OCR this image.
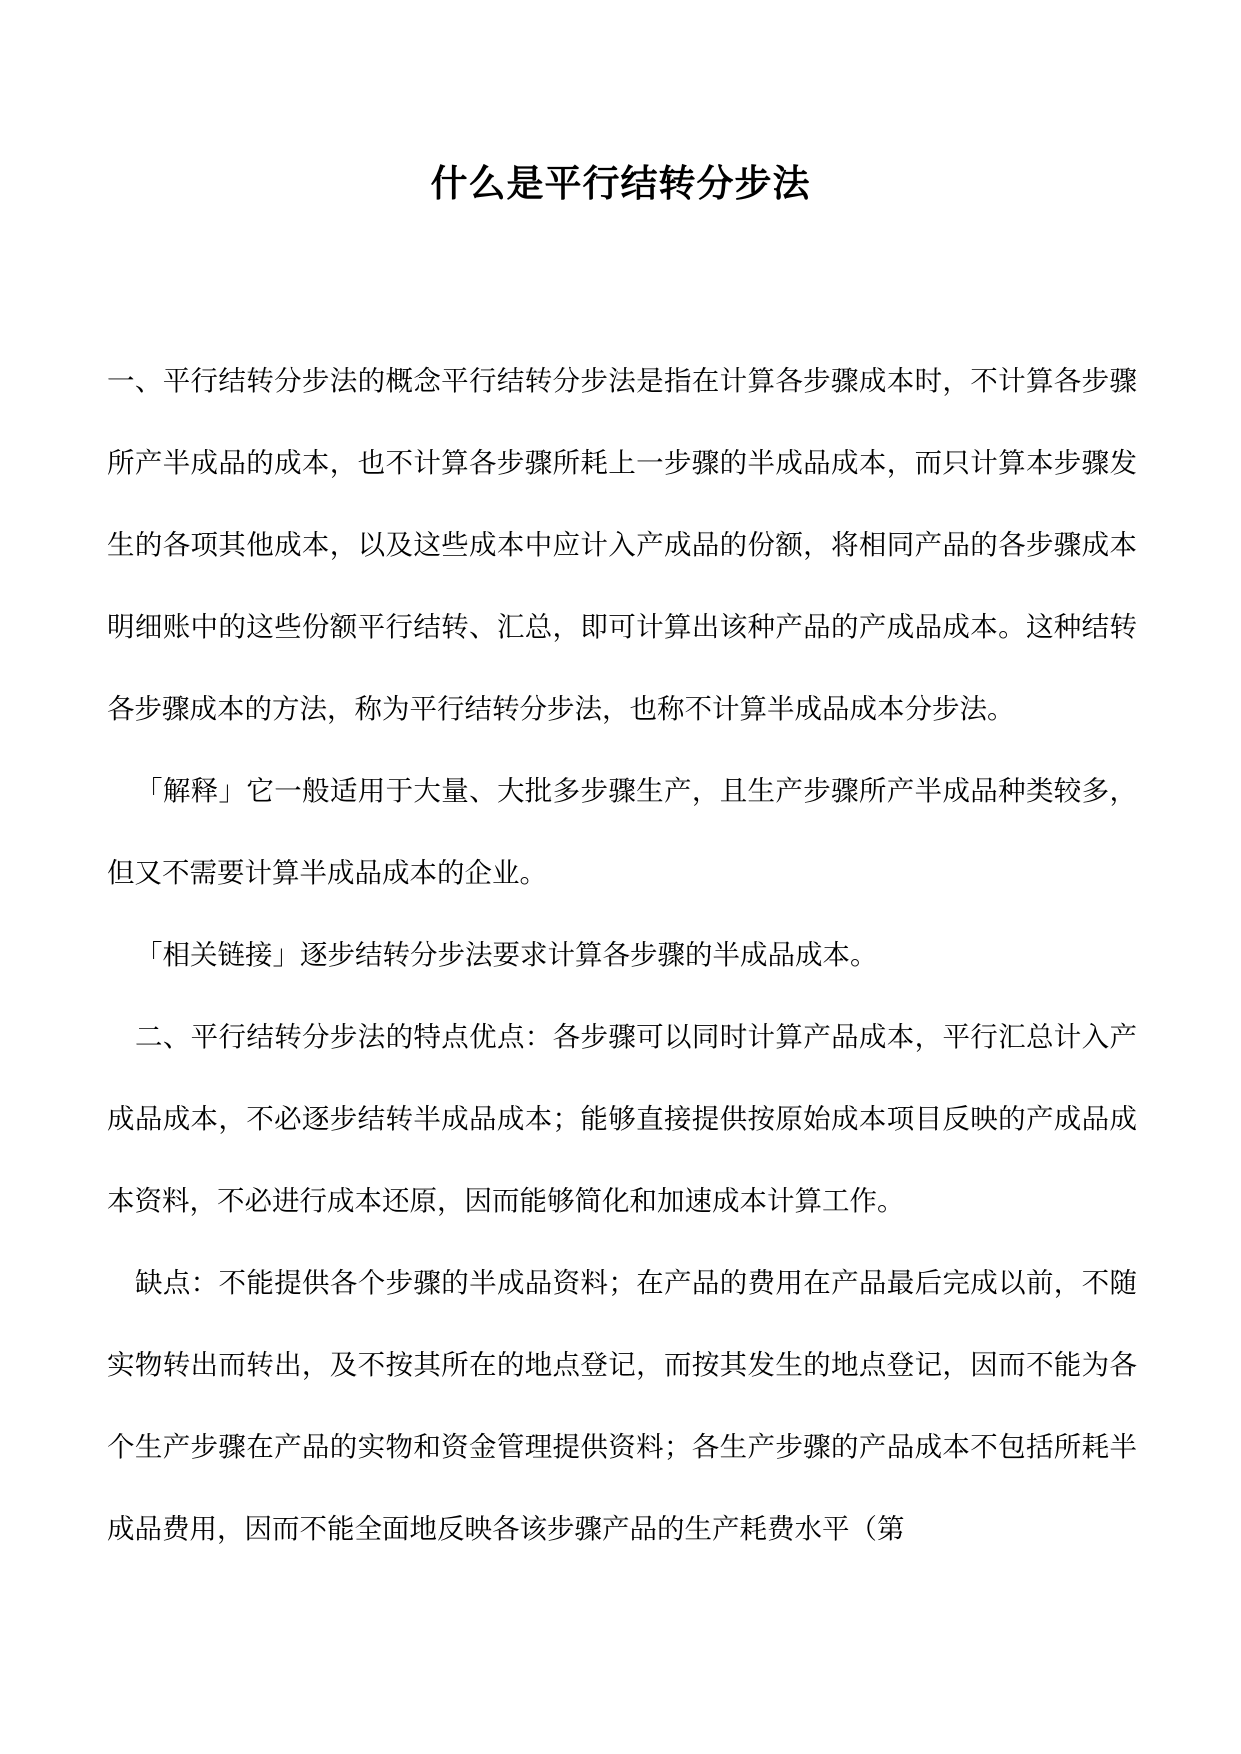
什么是平行结转分步法

一、平行结转分步法的概念平行结转分步法是指在计算各步骤成本时，不计算各步骤所产半成品的成本，也不计算各步骤所耗上一步骤的半成品成本，而只计算本步骤发生的各项其他成本，以及这些成本中应计入产成品的份额，将相同产品的各步骤成本明细账中的这些份额平行结转、汇总，即可计算出该种产品的产成品成本。这种结转各步骤成本的方法，称为平行结转分步法，也称不计算半成品成本分步法。

「解释」它一般适用于大量、大批多步骤生产，且生产步骤所产半成品种类较多，但又不需要计算半成品成本的企业。

「相关链接」逐步结转分步法要求计算各步骤的半成品成本。

二、平行结转分步法的特点优点：各步骤可以同时计算产品成本，平行汇总计入产成品成本，不必逐步结转半成品成本；能够直接提供按原始成本项目反映的产成品成本资料，不必进行成本还原，因而能够简化和加速成本计算工作。

缺点：不能提供各个步骤的半成品资料；在产品的费用在产品最后完成以前，不随实物转出而转出，及不按其所在的地点登记，而按其发生的地点登记，因而不能为各个生产步骤在产品的实物和资金管理提供资料；各生产步骤的产品成本不包括所耗半成品费用，因而不能全面地反映各该步骤产品的生产耗费水平（第
